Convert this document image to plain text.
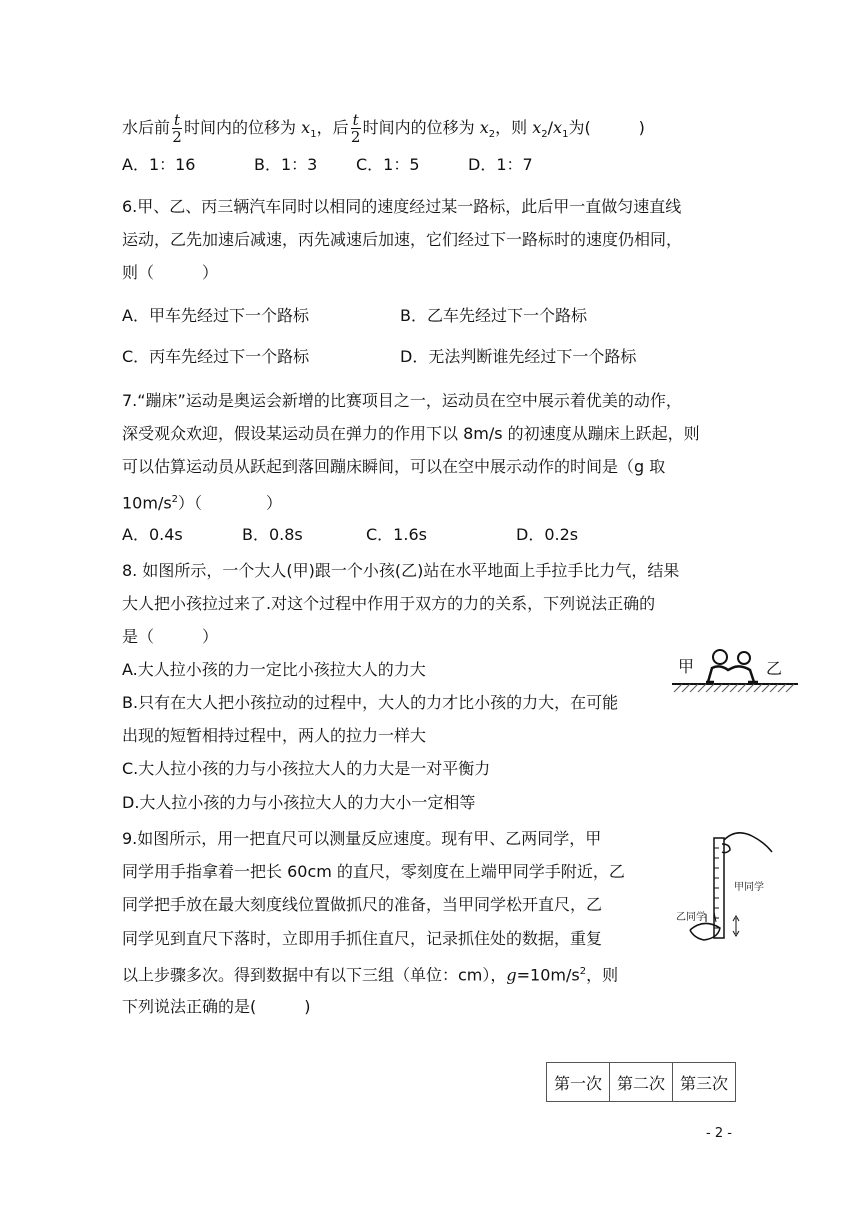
水后前 $\frac{t}{2}$ 时间内的位移为 $x_1$，后 $\frac{t}{2}$ 时间内的位移为 $x_2$，则 $x_2/x_1$为(　　　)
A．1：16	B．1：3 C．1：5	D．1：7
6.甲、乙、丙三辆汽车同时以相同的速度经过某一路标，此后甲一直做匀速直线
运动，乙先加速后减速，丙先减速后加速，它们经过下一路标时的速度仍相同，
则（　　　）
A．甲车先经过下一个路标	B．乙车先经过下一个路标
C．丙车先经过下一个路标	D．无法判断谁先经过下一个路标
7.“蹦床”运动是奥运会新增的比赛项目之一，运动员在空中展示着优美的动作，
深受观众欢迎，假设某运动员在弹力的作用下以 8m/s 的初速度从蹦床上跃起，则
可以估算运动员从跃起到落回蹦床瞬间，可以在空中展示动作的时间是（g 取
$10m/s^2$）（　　　　）
A．0.4s	B．0.8s	C．1.6s	D．0.2s
8. 如图所示，一个大人(甲)跟一个小孩(乙)站在水平地面上手拉手比力气，结果
大人把小孩拉过来了.对这个过程中作用于双方的力的关系，下列说法正确的
是（　　　）
A.大人拉小孩的力一定比小孩拉大人的力大
B.只有在大人把小孩拉动的过程中，大人的力才比小孩的力大，在可能
出现的短暂相持过程中，两人的拉力一样大
C.大人拉小孩的力与小孩拉大人的力大是一对平衡力
D.大人拉小孩的力与小孩拉大人的力大小一定相等
甲	乙
9.如图所示，用一把直尺可以测量反应速度。现有甲、乙两同学，甲
同学用手指拿着一把长 60cm 的直尺，零刻度在上端甲同学手附近，乙
同学把手放在最大刻度线位置做抓尺的准备，当甲同学松开直尺，乙
同学见到直尺下落时，立即用手抓住直尺，记录抓住处的数据，重复
以上步骤多次。得到数据中有以下三组（单位：cm），$g=10m/s^2$，则
下列说法正确的是(　　　)
甲同学
乙同学
第一次	第二次	第三次
- 2 -
